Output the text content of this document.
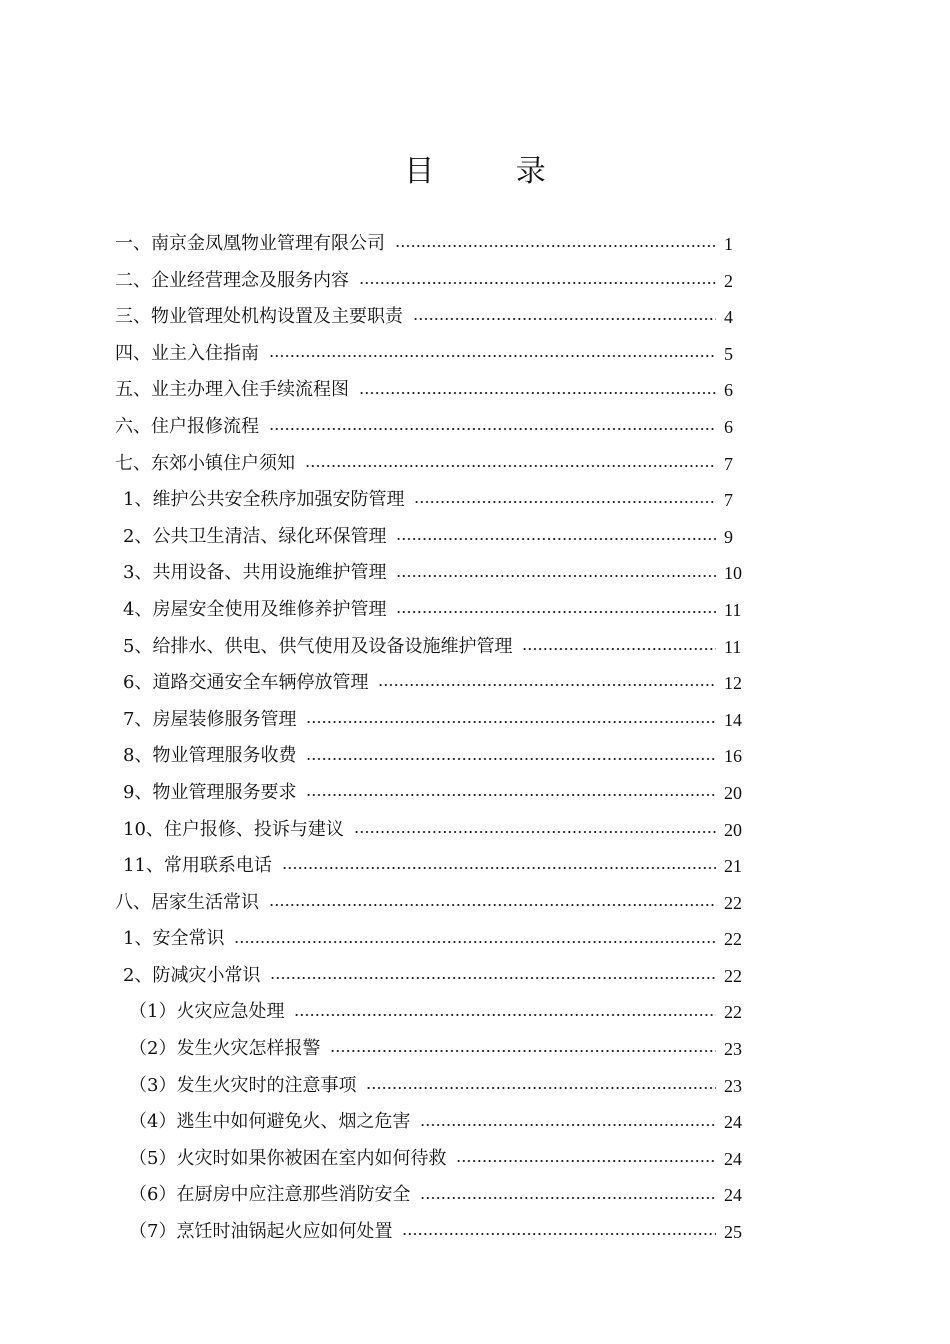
目 录
一、南京金凤凰物业管理有限公司	1
二、企业经营理念及服务内容	2
三、物业管理处机构设置及主要职责	4
四、业主入住指南	5
五、业主办理入住手续流程图	6
六、住户报修流程	6
七、东郊小镇住户须知	7
1、维护公共安全秩序加强安防管理	7
2、公共卫生清洁、绿化环保管理	9
3、共用设备、共用设施维护管理	10
4、房屋安全使用及维修养护管理	11
5、给排水、供电、供气使用及设备设施维护管理	11
6、道路交通安全车辆停放管理	12
7、房屋装修服务管理	14
8、物业管理服务收费	16
9、物业管理服务要求	20
10、住户报修、投诉与建议	20
11、常用联系电话	21
八、居家生活常识	22
1、安全常识	22
2、防减灾小常识	22
（1）火灾应急处理	22
（2）发生火灾怎样报警	23
（3）发生火灾时的注意事项	23
（4）逃生中如何避免火、烟之危害	24
（5）火灾时如果你被困在室内如何待救	24
（6）在厨房中应注意那些消防安全	24
（7）烹饪时油锅起火应如何处置	25
